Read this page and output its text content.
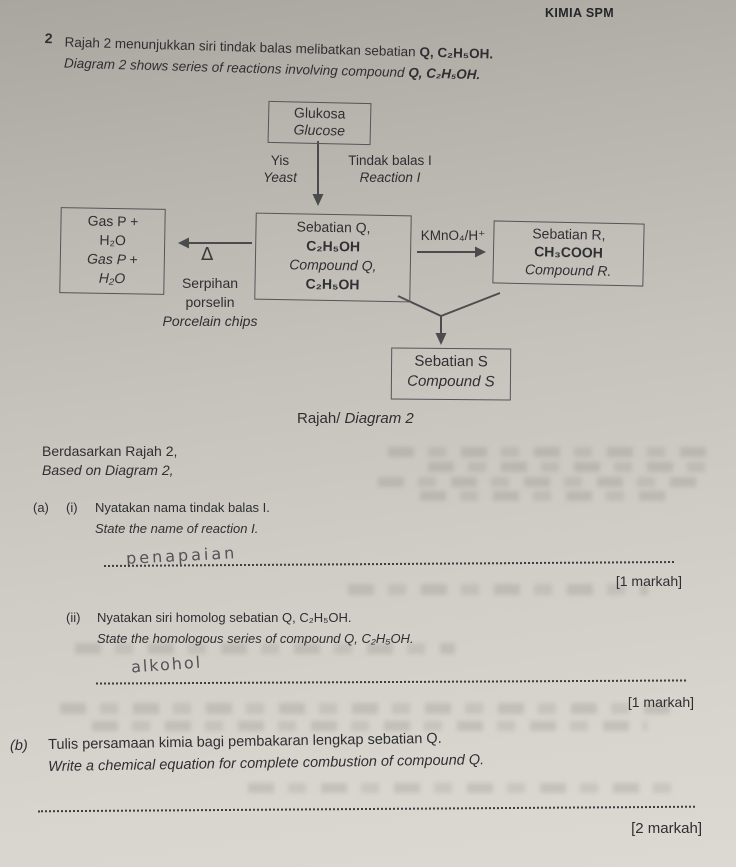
KIMIA SPM
2 Rajah 2 menunjukkan siri tindak balas melibatkan sebatian Q, C₂H₅OH.
Diagram 2 shows series of reactions involving compound Q, C₂H₅OH.
Glukosa
Glucose
Yis
Yeast
Tindak balas I
Reaction I
Gas P +
H₂O
Gas P +
H₂O
Δ
Serpihan
porselin
Porcelain chips
Sebatian Q,
C₂H₅OH
Compound Q,
C₂H₅OH
KMnO₄/H⁺	Sebatian R,
CH₃COOH
Compound R.
Sebatian S
Compound S
Rajah/ Diagram 2
Berdasarkan Rajah 2,
Based on Diagram 2,
(a) (i) Nyatakan nama tindak balas I.
State the name of reaction I.
penapaian
[1 markah]
(ii) Nyatakan siri homolog sebatian Q, C₂H₅OH.
State the homologous series of compound Q, C₂H₅OH.
alkohol
[1 markah]
(b) Tulis persamaan kimia bagi pembakaran lengkap sebatian Q.
Write a chemical equation for complete combustion of compound Q.
[2 markah]
